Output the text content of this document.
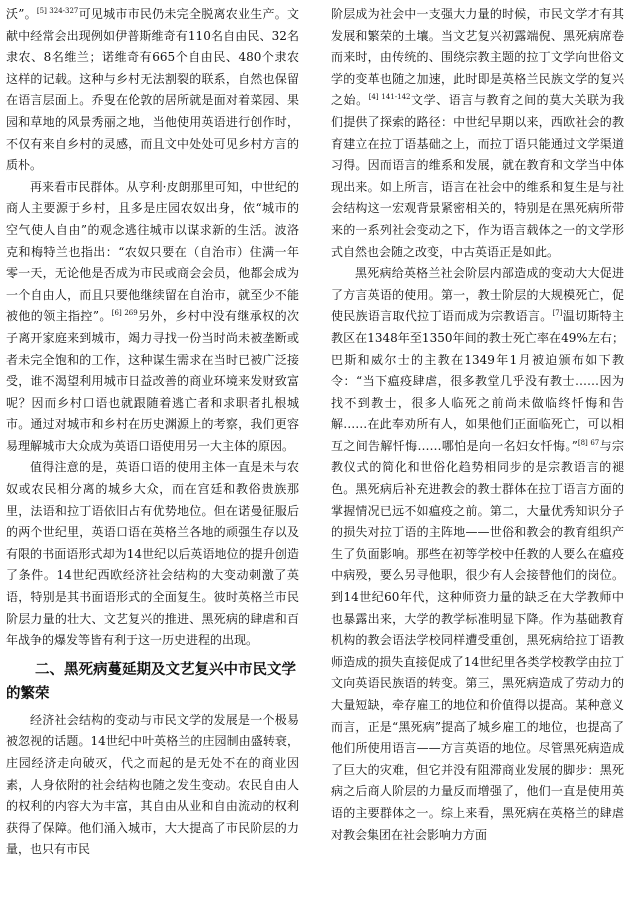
沃”。$^{[5] 324-327}$可见城市市民仍未完全脱离农业生产。文献中经常会出现例如伊普斯维奇有110名自由民、32名隶农、8名维兰；诺维奇有665个自由民、480个隶农这样的记载。这种与乡村无法割裂的联系，自然也保留在语言层面上。乔叟在伦敦的居所就是面对着菜园、果园和草地的风景秀丽之地，当他使用英语进行创作时，不仅有来自乡村的灵感，而且文中处处可见乡村方言的质朴。

再来看市民群体。从亨利·皮朗那里可知，中世纪的商人主要源于乡村，且多是庄园农奴出身，依“城市的空气使人自由”的观念逃往城市以谋求新的生活。波洛克和梅特兰也指出：“农奴只要在（自治市）住满一年零一天，无论他是否成为市民或商会会员，他都会成为一个自由人，而且只要他继续留在自治市，就至少不能被他的领主指控”。$^{[6] 269}$另外，乡村中没有继承权的次子离开家庭来到城市，竭力寻找一份当时尚未被垄断或者未完全饱和的工作，这种谋生需求在当时已被广泛接受，谁不渴望利用城市日益改善的商业环境来发财致富呢？因而乡村口语也就跟随着逃亡者和求职者扎根城市。通过对城市和乡村在历史渊源上的考察，我们更容易理解城市大众成为英语口语使用另一大主体的原因。

值得注意的是，英语口语的使用主体一直是未与农奴或农民相分离的城乡大众，而在宫廷和教俗贵族那里，法语和拉丁语依旧占有优势地位。但在诺曼征服后的两个世纪里，英语口语在英格兰各地的顽强生存以及有限的书面语形式却为14世纪以后英语地位的提升创造了条件。14世纪西欧经济社会结构的大变动刺激了英语，特别是其书面语形式的全面复生。彼时英格兰市民阶层力量的壮大、文艺复兴的推进、黑死病的肆虐和百年战争的爆发等皆有利于这一历史进程的出现。

二、黑死病蔓延期及文艺复兴中市民文学的繁荣

经济社会结构的变动与市民文学的发展是一个极易被忽视的话题。14世纪中叶英格兰的庄园制由盛转衰，庄园经济走向破灭，代之而起的是无处不在的商业因素，人身依附的社会结构也随之发生变动。农民自由人的权利的内容大为丰富，其自由从业和自由流动的权利获得了保障。他们涌入城市，大大提高了市民阶层的力量，也只有市民

阶层成为社会中一支强大力量的时候，市民文学才有其发展和繁荣的土壤。当文艺复兴初露端倪、黑死病席卷而来时，由传统的、围绕宗教主题的拉丁文学向世俗文学的变革也随之加速，此时即是英格兰民族文学的复兴之始。$^{[4] 141-142}$文学、语言与教育之间的莫大关联为我们提供了探索的路径：中世纪早期以来，西欧社会的教育建立在拉丁语基础之上，而拉丁语只能通过文学渠道习得。因而语言的维系和发展，就在教育和文学当中体现出来。如上所言，语言在社会中的维系和复生是与社会结构这一宏观背景紧密相关的，特别是在黑死病所带来的一系列社会变动之下，作为语言载体之一的文学形式自然也会随之改变，中古英语正是如此。

黑死病给英格兰社会阶层内部造成的变动大大促进了方言英语的使用。第一，教士阶层的大规模死亡，促使民族语言取代拉丁语而成为宗教语言。[7]温切斯特主教区在1348年至1350年间的教士死亡率在49%左右；巴斯和威尔士的主教在1349年1月被迫颁布如下教令：“当下瘟疫肆虐，很多教堂几乎没有教士……因为找不到教士，很多人临死之前尚未做临终忏悔和告解……在此奉劝所有人，如果他们正面临死亡，可以相互之间告解忏悔……哪怕是向一名妇女忏悔。”$^{[8] 67}$与宗教仪式的简化和世俗化趋势相同步的是宗教语言的褪色。黑死病后补充进教会的教士群体在拉丁语言方面的掌握情况已远不如瘟疫之前。第二，大量优秀知识分子的损失对拉丁语的主阵地——世俗和教会的教育组织产生了负面影响。那些在初等学校中任教的人要么在瘟疫中病殁，要么另寻他职，很少有人会接替他们的岗位。到14世纪60年代，这种师资力量的缺乏在大学教师中也暴露出来，大学的教学标准明显下降。作为基础教育机构的教会语法学校同样遭受重创，黑死病给拉丁语教师造成的损失直接促成了14世纪里各类学校教学由拉丁文向英语民族语的转变。第三，黑死病造成了劳动力的大量短缺，牵存雇工的地位和价值得以提高。某种意义而言，正是“黑死病”提高了城乡雇工的地位，也提高了他们所使用语言——方言英语的地位。尽管黑死病造成了巨大的灾难，但它并没有阻滞商业发展的脚步：黑死病之后商人阶层的力量反而增强了，他们一直是使用英语的主要群体之一。综上来看，黑死病在英格兰的肆虐对教会集团在社会影响力方面
